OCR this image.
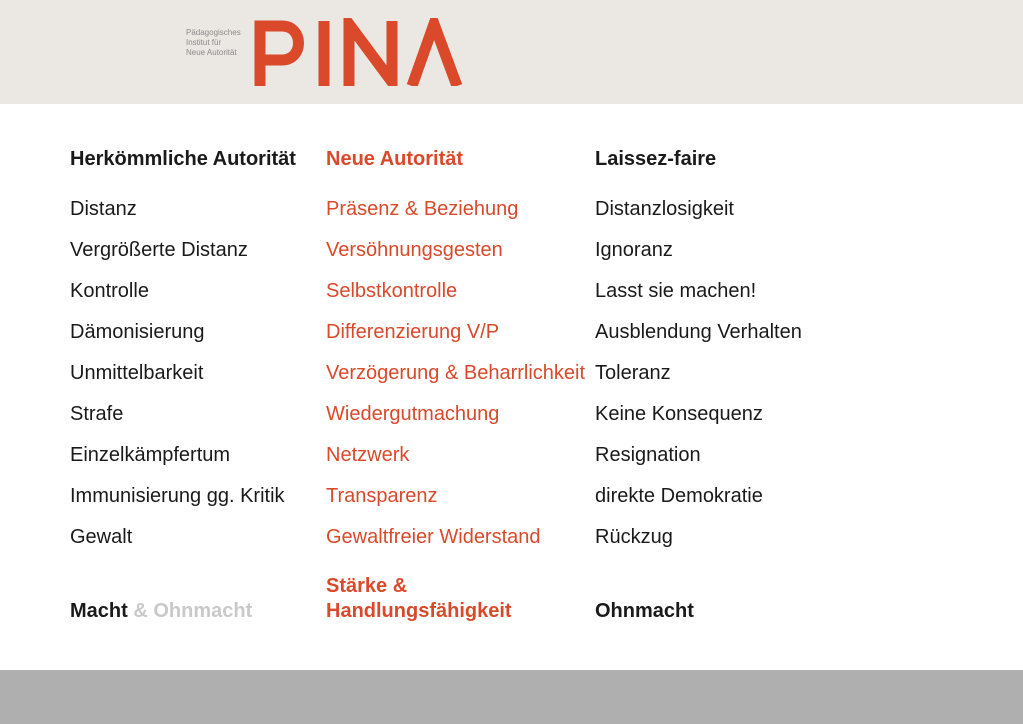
Pädagogisches
Institut für
Neue Autorität
Herkömmliche Autorität
Distanz
Vergrößerte Distanz
Kontrolle
Dämonisierung
Unmittelbarkeit
Strafe
Einzelkämpfertum
Immunisierung gg. Kritik
Gewalt
Macht & Ohnmacht
Neue Autorität
Präsenz & Beziehung
Versöhnungsgesten
Selbstkontrolle
Differenzierung V/P
Verzögerung & Beharrlichkeit
Wiedergutmachung
Netzwerk
Transparenz
Gewaltfreier Widerstand
Stärke &
Handlungsfähigkeit
Laissez-faire
Distanzlosigkeit
Ignoranz
Lasst sie machen!
Ausblendung Verhalten
Toleranz
Keine Konsequenz
Resignation
direkte Demokratie
Rückzug
Ohnmacht
